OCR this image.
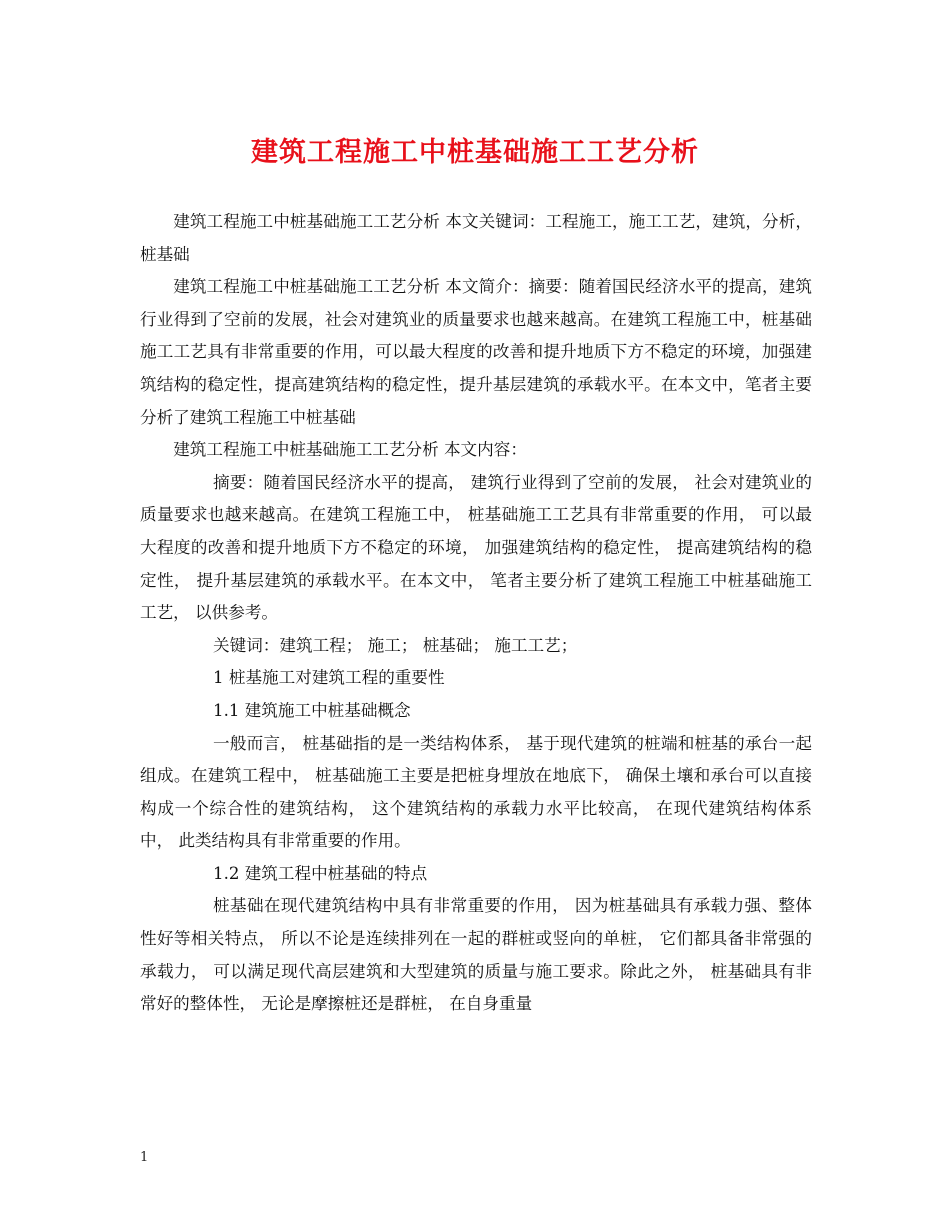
建筑工程施工中桩基础施工工艺分析

建筑工程施工中桩基础施工工艺分析 本文关键词：工程施工，施工工艺，建筑，分析，桩基础

建筑工程施工中桩基础施工工艺分析 本文简介：摘要：随着国民经济水平的提高，建筑行业得到了空前的发展，社会对建筑业的质量要求也越来越高。在建筑工程施工中，桩基础施工工艺具有非常重要的作用，可以最大程度的改善和提升地质下方不稳定的环境，加强建筑结构的稳定性，提高建筑结构的稳定性，提升基层建筑的承载水平。在本文中，笔者主要分析了建筑工程施工中桩基础

建筑工程施工中桩基础施工工艺分析 本文内容：

摘要：随着国民经济水平的提高， 建筑行业得到了空前的发展， 社会对建筑业的质量要求也越来越高。在建筑工程施工中， 桩基础施工工艺具有非常重要的作用， 可以最大程度的改善和提升地质下方不稳定的环境， 加强建筑结构的稳定性， 提高建筑结构的稳定性， 提升基层建筑的承载水平。在本文中， 笔者主要分析了建筑工程施工中桩基础施工工艺， 以供参考。

关键词：建筑工程； 施工； 桩基础； 施工工艺；

1 桩基施工对建筑工程的重要性

1.1 建筑施工中桩基础概念

一般而言， 桩基础指的是一类结构体系， 基于现代建筑的桩端和桩基的承台一起组成。在建筑工程中， 桩基础施工主要是把桩身埋放在地底下， 确保土壤和承台可以直接构成一个综合性的建筑结构， 这个建筑结构的承载力水平比较高， 在现代建筑结构体系中， 此类结构具有非常重要的作用。

1.2 建筑工程中桩基础的特点

桩基础在现代建筑结构中具有非常重要的作用， 因为桩基础具有承载力强、整体性好等相关特点， 所以不论是连续排列在一起的群桩或竖向的单桩， 它们都具备非常强的承载力， 可以满足现代高层建筑和大型建筑的质量与施工要求。除此之外， 桩基础具有非常好的整体性， 无论是摩擦桩还是群桩， 在自身重量

1
